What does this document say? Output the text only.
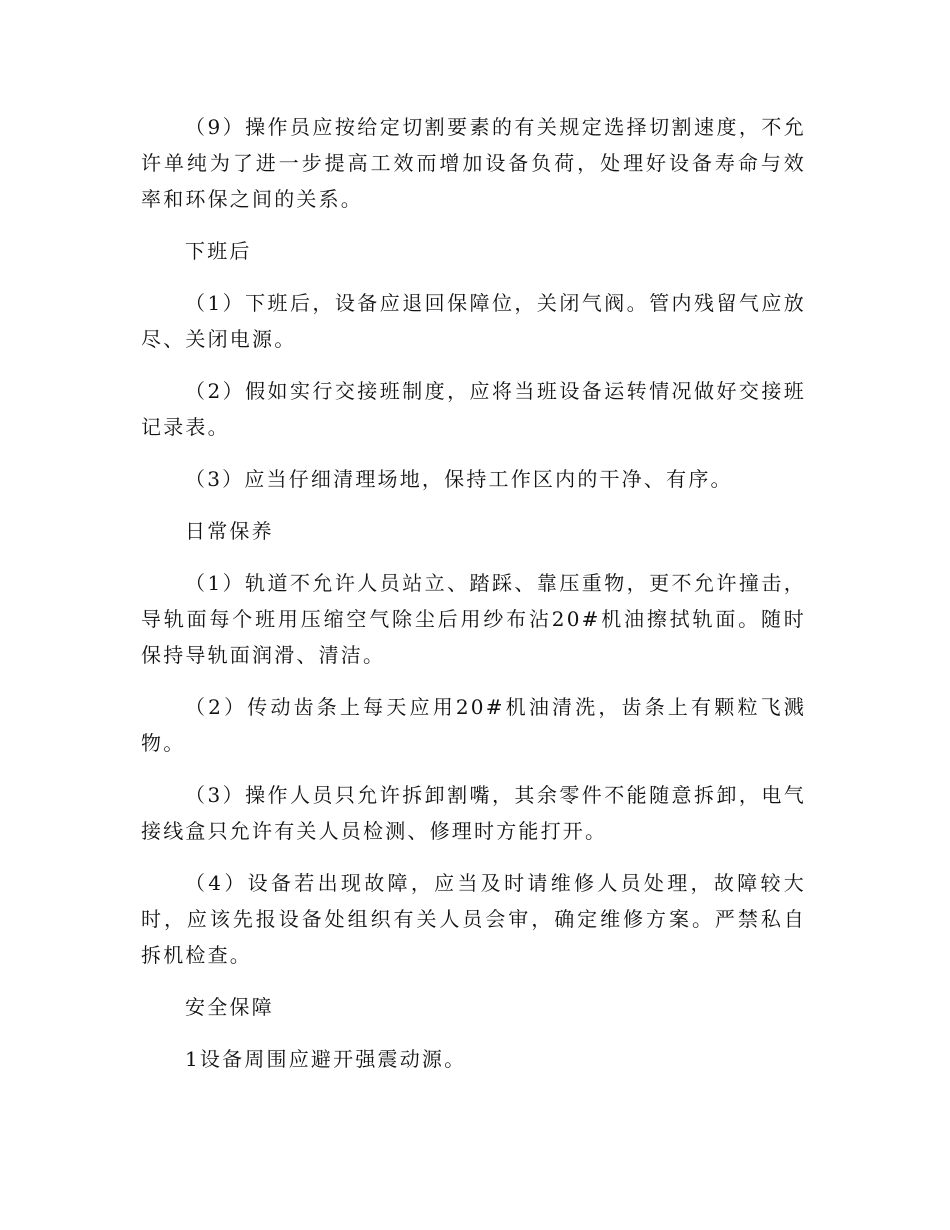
（9）操作员应按给定切割要素的有关规定选择切割速度，不允许单纯为了进一步提高工效而增加设备负荷，处理好设备寿命与效率和环保之间的关系。

下班后

（1）下班后，设备应退回保障位，关闭气阀。管内残留气应放尽、关闭电源。

（2）假如实行交接班制度，应将当班设备运转情况做好交接班记录表。

（3）应当仔细清理场地，保持工作区内的干净、有序。

日常保养

（1）轨道不允许人员站立、踏踩、靠压重物，更不允许撞击，导轨面每个班用压缩空气除尘后用纱布沾20#机油擦拭轨面。随时保持导轨面润滑、清洁。

（2）传动齿条上每天应用20#机油清洗，齿条上有颗粒飞溅物。

（3）操作人员只允许拆卸割嘴，其余零件不能随意拆卸，电气接线盒只允许有关人员检测、修理时方能打开。

（4）设备若出现故障，应当及时请维修人员处理，故障较大时，应该先报设备处组织有关人员会审，确定维修方案。严禁私自拆机检查。

安全保障

1设备周围应避开强震动源。
